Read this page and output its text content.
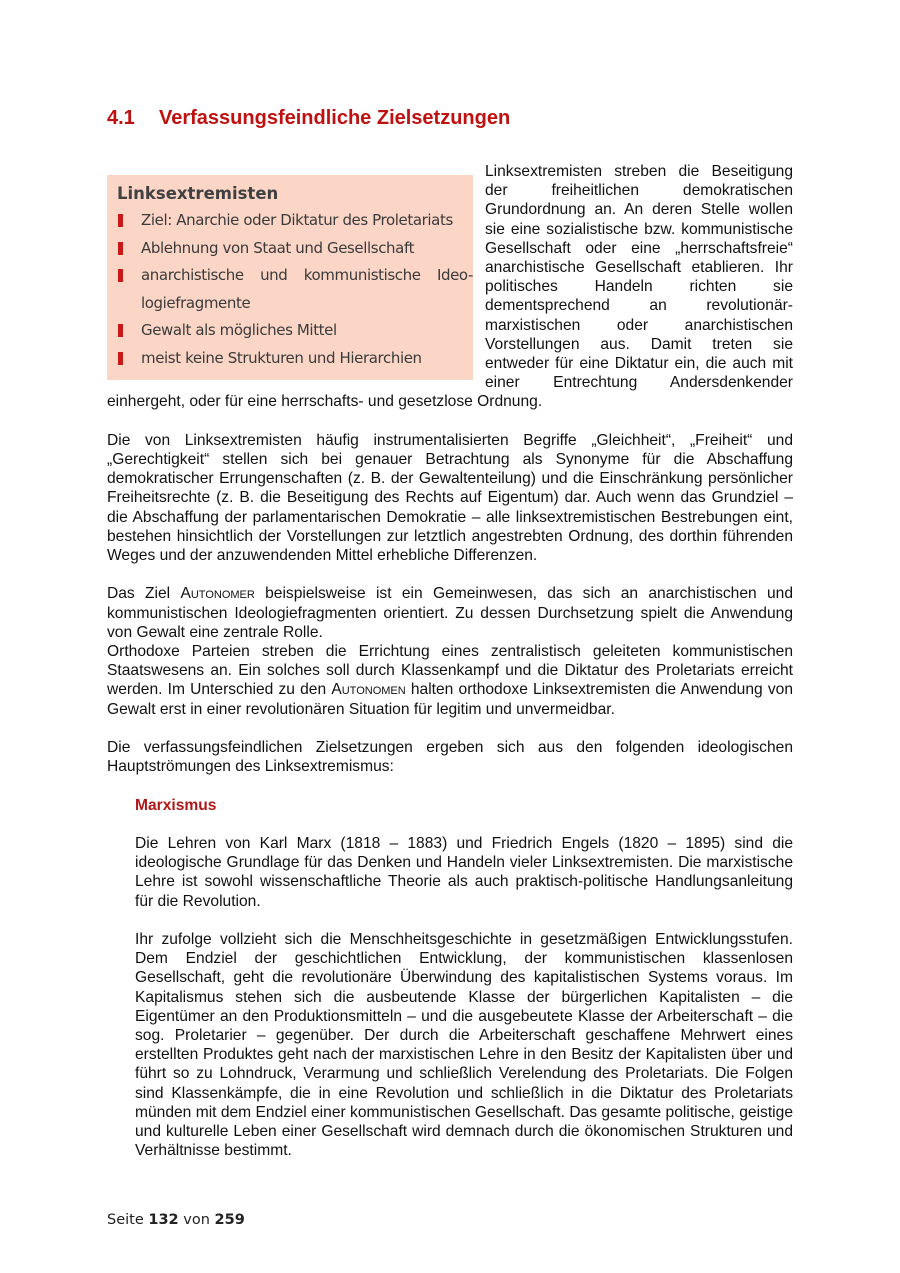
4.1 Verfassungsfeindliche Zielsetzungen
Linksextremisten
Ziel: Anarchie oder Diktatur des Proletariats
Ablehnung von Staat und Gesellschaft
anarchistische und kommunistische Ideo-logiefragmente
Gewalt als mögliches Mittel
meist keine Strukturen und Hierarchien

Linksextremisten streben die Beseitigung der freiheitlichen demokratischen Grundordnung an. An deren Stelle wollen sie eine sozialistische bzw. kommunistische Gesellschaft oder eine „herrschaftsfreie“ anarchistische Gesellschaft etablieren. Ihr politisches Handeln richten sie dementsprechend an revolutionär-marxistischen oder anarchistischen Vorstellungen aus. Damit treten sie entweder für eine Diktatur ein, die auch mit einer Entrechtung Andersdenkender einhergeht, oder für eine herrschafts- und gesetzlose Ordnung.

Die von Linksextremisten häufig instrumentalisierten Begriffe „Gleichheit“, „Freiheit“ und „Gerechtigkeit“ stellen sich bei genauer Betrachtung als Synonyme für die Abschaffung demokratischer Errungenschaften (z. B. der Gewaltenteilung) und die Einschränkung persönlicher Freiheitsrechte (z. B. die Beseitigung des Rechts auf Eigentum) dar. Auch wenn das Grundziel – die Abschaffung der parlamentarischen Demokratie – alle linksextremistischen Bestrebungen eint, bestehen hinsichtlich der Vorstellungen zur letztlich angestrebten Ordnung, des dorthin führenden Weges und der anzuwendenden Mittel erhebliche Differenzen.

Das Ziel Autonomer beispielsweise ist ein Gemeinwesen, das sich an anarchistischen und kommunistischen Ideologiefragmenten orientiert. Zu dessen Durchsetzung spielt die Anwendung von Gewalt eine zentrale Rolle.

Orthodoxe Parteien streben die Errichtung eines zentralistisch geleiteten kommunistischen Staatswesens an. Ein solches soll durch Klassenkampf und die Diktatur des Proletariats erreicht werden. Im Unterschied zu den Autonomen halten orthodoxe Linksextremisten die Anwendung von Gewalt erst in einer revolutionären Situation für legitim und unvermeidbar.

Die verfassungsfeindlichen Zielsetzungen ergeben sich aus den folgenden ideologischen Hauptströmungen des Linksextremismus:

Marxismus

Die Lehren von Karl Marx (1818 – 1883) und Friedrich Engels (1820 – 1895) sind die ideologische Grundlage für das Denken und Handeln vieler Linksextremisten. Die marxistische Lehre ist sowohl wissenschaftliche Theorie als auch praktisch-politische Handlungsanleitung für die Revolution.

Ihr zufolge vollzieht sich die Menschheitsgeschichte in gesetzmäßigen Entwicklungsstufen. Dem Endziel der geschichtlichen Entwicklung, der kommunistischen klassenlosen Gesellschaft, geht die revolutionäre Überwindung des kapitalistischen Systems voraus. Im Kapitalismus stehen sich die ausbeutende Klasse der bürgerlichen Kapitalisten – die Eigentümer an den Produktionsmitteln – und die ausgebeutete Klasse der Arbeiterschaft – die sog. Proletarier – gegenüber. Der durch die Arbeiterschaft geschaffene Mehrwert eines erstellten Produktes geht nach der marxistischen Lehre in den Besitz der Kapitalisten über und führt so zu Lohndruck, Verarmung und schließlich Verelendung des Proletariats. Die Folgen sind Klassenkämpfe, die in eine Revolution und schließlich in die Diktatur des Proletariats münden mit dem Endziel einer kommunistischen Gesellschaft. Das gesamte politische, geistige und kulturelle Leben einer Gesellschaft wird demnach durch die ökonomischen Strukturen und Verhältnisse bestimmt.

Seite 132 von 259
